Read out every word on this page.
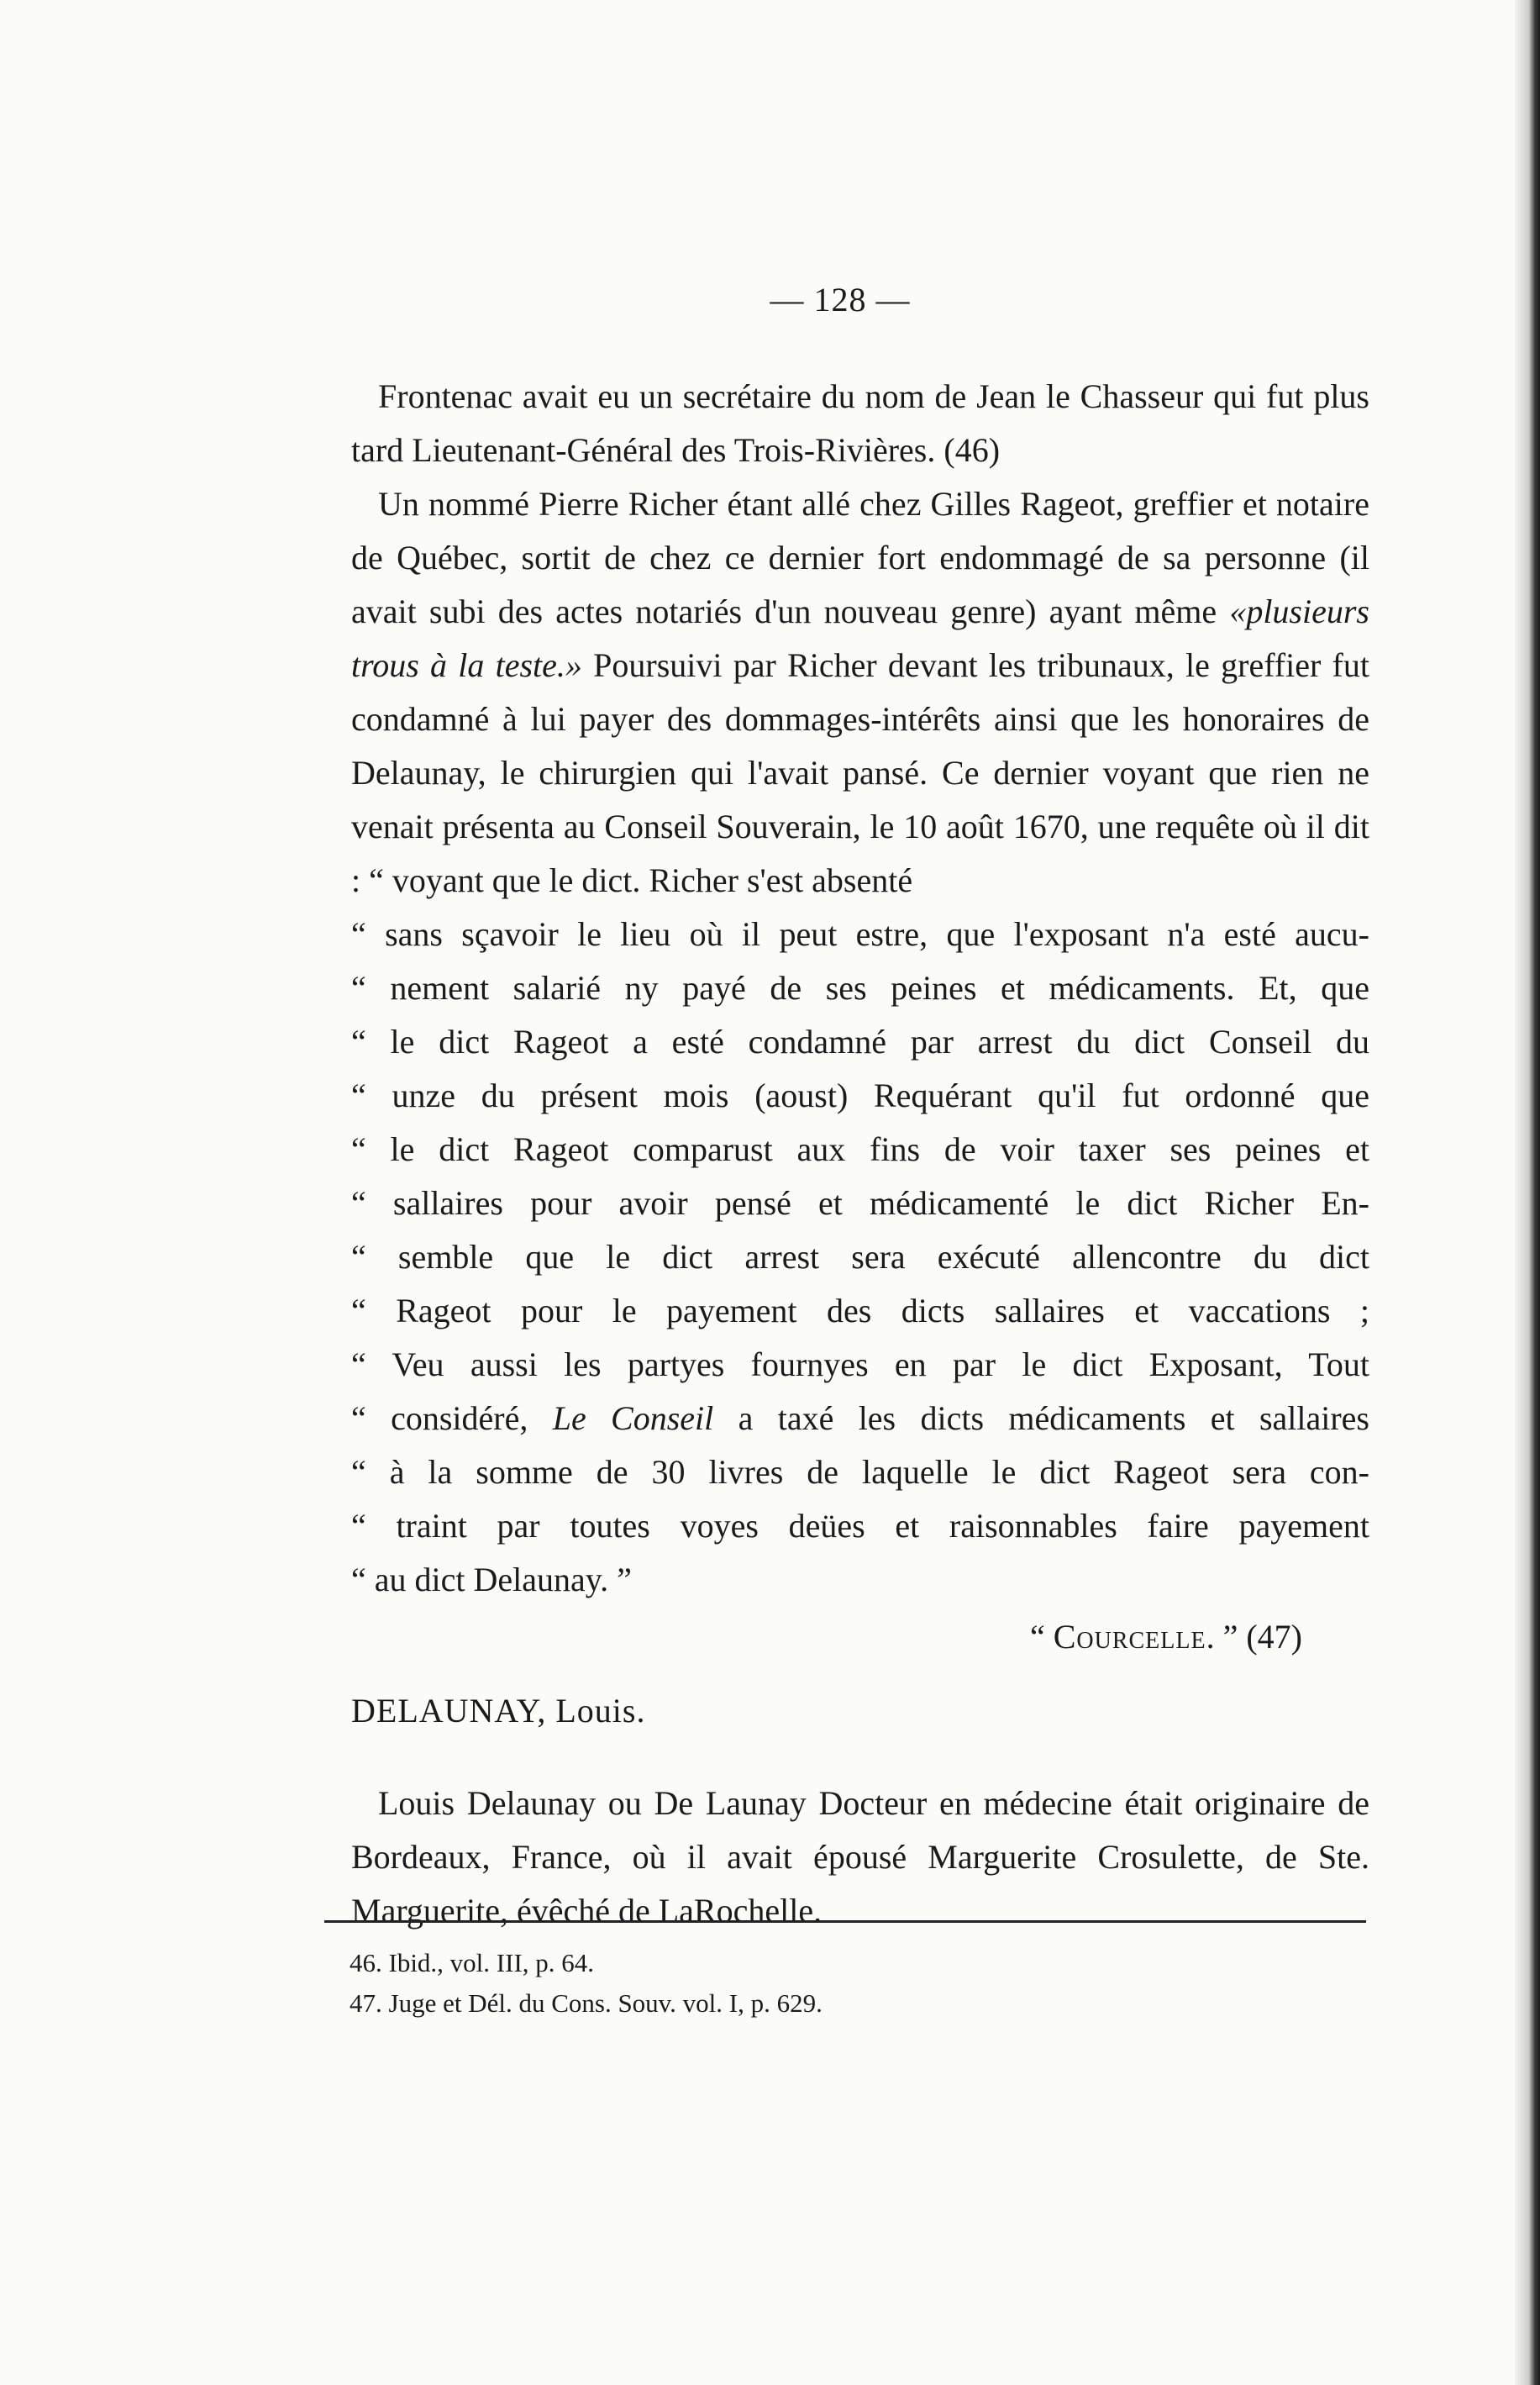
— 128 —

Frontenac avait eu un secrétaire du nom de Jean le Chasseur qui fut plus tard Lieutenant-Général des Trois-Rivières. (46)

Un nommé Pierre Richer étant allé chez Gilles Rageot, greffier et notaire de Québec, sortit de chez ce dernier fort endommagé de sa personne (il avait subi des actes notariés d'un nouveau genre) ayant même «plusieurs trous à la teste.» Poursuivi par Richer devant les tribunaux, le greffier fut condamné à lui payer des dommages-intérêts ainsi que les honoraires de Delaunay, le chirurgien qui l'avait pansé. Ce dernier voyant que rien ne venait présenta au Conseil Souverain, le 10 août 1670, une requête où il dit : “ voyant que le dict. Richer s'est absenté

“ sans sçavoir le lieu où il peut estre, que l'exposant n'a esté aucu-
“ nement salarié ny payé de ses peines et médicaments. Et, que
“ le dict Rageot a esté condamné par arrest du dict Conseil du
“ unze du présent mois (aoust) Requérant qu'il fut ordonné que
“ le dict Rageot comparust aux fins de voir taxer ses peines et
“ sallaires pour avoir pensé et médicamenté le dict Richer En-
“ semble que le dict arrest sera exécuté allencontre du dict
“ Rageot pour le payement des dicts sallaires et vaccations ;
“ Veu aussi les partyes fournyes en par le dict Exposant, Tout
“ considéré, Le Conseil a taxé les dicts médicaments et sallaires
“ à la somme de 30 livres de laquelle le dict Rageot sera con-
“ traint par toutes voyes deües et raisonnables faire payement
“ au dict Delaunay. ”
“ Courcelle. ” (47)
DELAUNAY, Louis.

Louis Delaunay ou De Launay Docteur en médecine était originaire de Bordeaux, France, où il avait épousé Marguerite Crosulette, de Ste. Marguerite, évêché de LaRochelle.

46. Ibid., vol. III, p. 64.
47. Juge et Dél. du Cons. Souv. vol. I, p. 629.
